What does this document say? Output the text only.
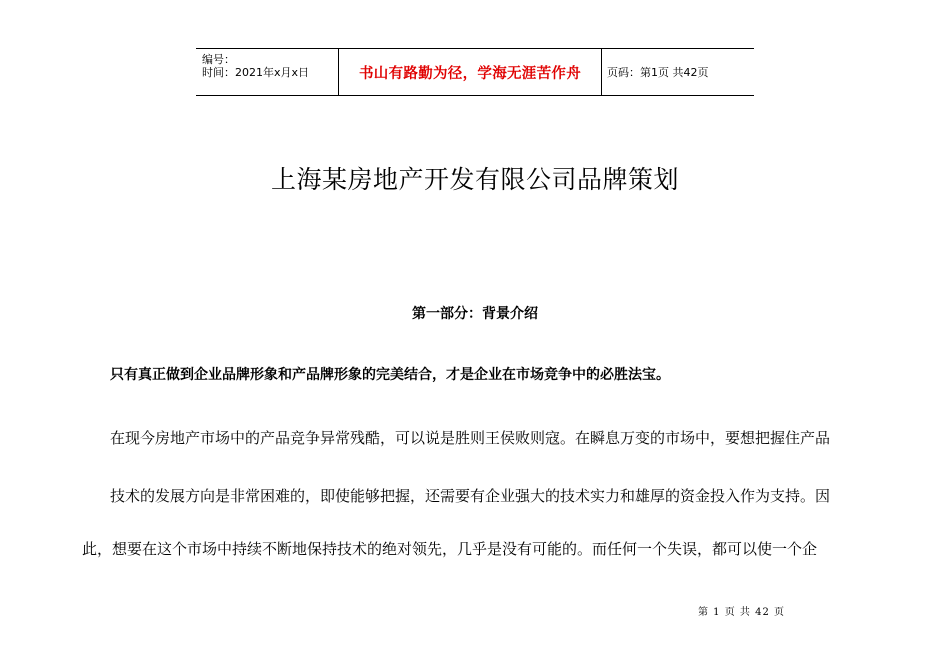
编号：
时间：2021年x月x日	书山有路勤为径，学海无涯苦作舟 页码：第1页 共42页
上海某房地产开发有限公司品牌策划
第一部分：背景介绍
只有真正做到企业品牌形象和产品牌形象的完美结合，才是企业在市场竞争中的必胜法宝。
在现今房地产市场中的产品竞争异常残酷，可以说是胜则王侯败则寇。在瞬息万变的市场中，要想把握住产品
技术的发展方向是非常困难的，即使能够把握，还需要有企业强大的技术实力和雄厚的资金投入作为支持。因
此，想要在这个市场中持续不断地保持技术的绝对领先，几乎是没有可能的。而任何一个失误，都可以使一个企
第 1 页 共 42 页
